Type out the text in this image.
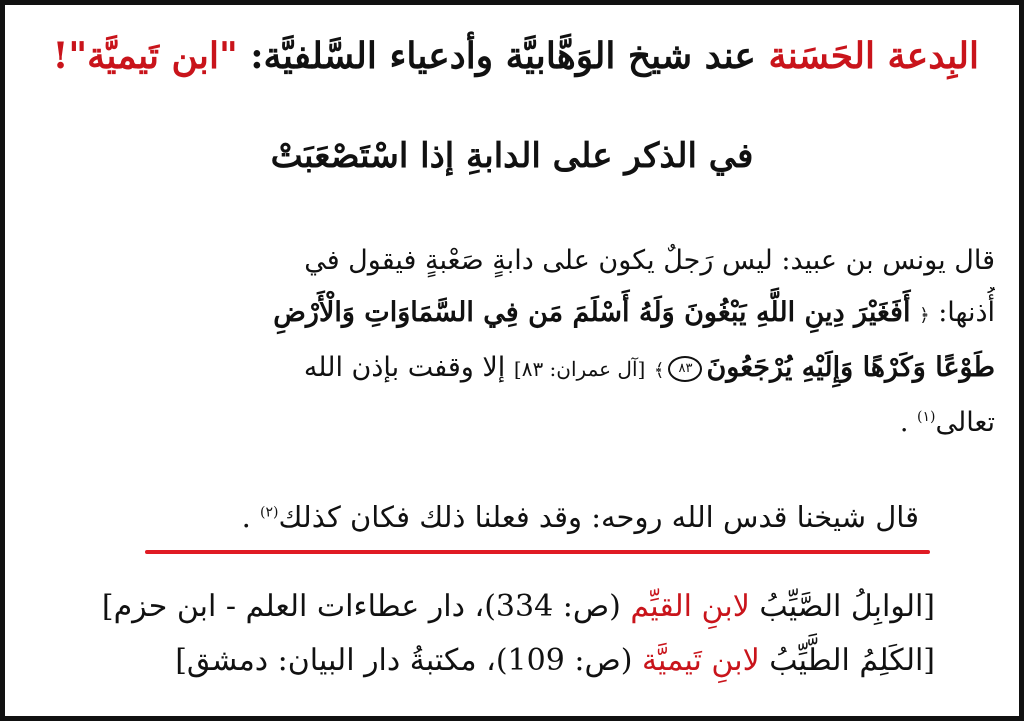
البِدعة الحَسَنة عند شيخ الوَهَّابيَّة وأدعياء السَّلفيَّة: "ابن تَيميَّة"!
في الذكر على الدابةِ إذا اسْتَصْعَبَتْ
قال يونس بن عبيد: ليس رَجلٌ يكون على دابةٍ صَعْبةٍ فيقول في
أُذنها: ﴿ أَفَغَيْرَ دِينِ اللَّهِ يَبْغُونَ وَلَهُ أَسْلَمَ مَن فِي السَّمَاوَاتِ وَالْأَرْضِ
طَوْعًا وَكَرْهًا وَإِلَيْهِ يُرْجَعُونَ٨٣﴾ [آل عمران: ٨٣] إلا وقفت بإذن الله
تعالى$^{(١)}$ .
قال شيخنا قدس الله روحه: وقد فعلنا ذلك فكان كذلك$^{(٢)}$ .
[الوابِلُ الصَّيِّبُ لابنِ القيِّم (ص: 334)، دار عطاءات العلم - ابن حزم]
[الكَلِمُ الطَّيِّبُ لابنِ تَيميَّة (ص: 109)، مكتبةُ دار البيان: دمشق]
